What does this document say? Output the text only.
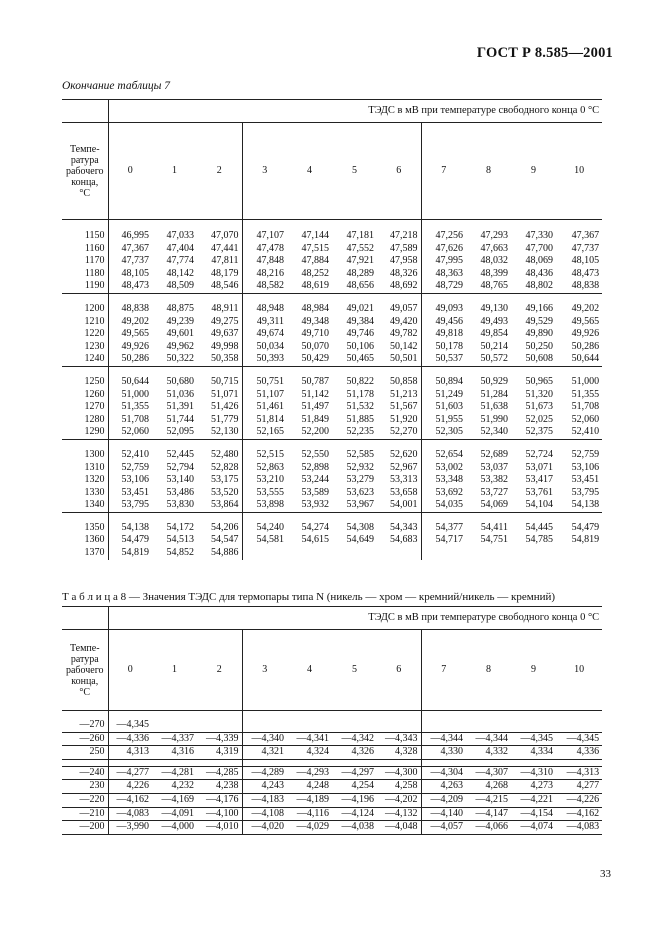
ГОСТ Р 8.585—2001
Окончание таблицы 7
	ТЭДС в мВ при температуре свободного конца 0 °С										

Темпе-
ратура
рабочего
конца,
°С	0	1	2	3	4	5	6	7	8	9	10

1150	46,995	47,033	47,070	47,107	47,144	47,181	47,218	47,256	47,293	47,330	47,367
1160	47,367	47,404	47,441	47,478	47,515	47,552	47,589	47,626	47,663	47,700	47,737
1170	47,737	47,774	47,811	47,848	47,884	47,921	47,958	47,995	48,032	48,069	48,105
1180	48,105	48,142	48,179	48,216	48,252	48,289	48,326	48,363	48,399	48,436	48,473
1190	48,473	48,509	48,546	48,582	48,619	48,656	48,692	48,729	48,765	48,802	48,838

1200	48,838	48,875	48,911	48,948	48,984	49,021	49,057	49,093	49,130	49,166	49,202
1210	49,202	49,239	49,275	49,311	49,348	49,384	49,420	49,456	49,493	49,529	49,565
1220	49,565	49,601	49,637	49,674	49,710	49,746	49,782	49,818	49,854	49,890	49,926
1230	49,926	49,962	49,998	50,034	50,070	50,106	50,142	50,178	50,214	50,250	50,286
1240	50,286	50,322	50,358	50,393	50,429	50,465	50,501	50,537	50,572	50,608	50,644

1250	50,644	50,680	50,715	50,751	50,787	50,822	50,858	50,894	50,929	50,965	51,000
1260	51,000	51,036	51,071	51,107	51,142	51,178	51,213	51,249	51,284	51,320	51,355
1270	51,355	51,391	51,426	51,461	51,497	51,532	51,567	51,603	51,638	51,673	51,708
1280	51,708	51,744	51,779	51,814	51,849	51,885	51,920	51,955	51,990	52,025	52,060
1290	52,060	52,095	52,130	52,165	52,200	52,235	52,270	52,305	52,340	52,375	52,410

1300	52,410	52,445	52,480	52,515	52,550	52,585	52,620	52,654	52,689	52,724	52,759
1310	52,759	52,794	52,828	52,863	52,898	52,932	52,967	53,002	53,037	53,071	53,106
1320	53,106	53,140	53,175	53,210	53,244	53,279	53,313	53,348	53,382	53,417	53,451
1330	53,451	53,486	53,520	53,555	53,589	53,623	53,658	53,692	53,727	53,761	53,795
1340	53,795	53,830	53,864	53,898	53,932	53,967	54,001	54,035	54,069	54,104	54,138

1350	54,138	54,172	54,206	54,240	54,274	54,308	54,343	54,377	54,411	54,445	54,479
1360	54,479	54,513	54,547	54,581	54,615	54,649	54,683	54,717	54,751	54,785	54,819
1370	54,819	54,852	54,886								
Т а б л и ц а 8 — Значения ТЭДС для термопары типа N (никель — хром — кремний/никель — кремний)
	ТЭДС в мВ при температуре свободного конца 0 °С										

Темпе-
ратура
рабочего
конца,
°С	0	1	2	3	4	5	6	7	8	9	10

—270	—4,345										
—260	—4,336	—4,337	—4,339	—4,340	—4,341	—4,342	—4,343	—4,344	—4,344	—4,345	—4,345
250	4,313	4,316	4,319	4,321	4,324	4,326	4,328	4,330	4,332	4,334	4,336

—240	—4,277	—4,281	—4,285	—4,289	—4,293	—4,297	—4,300	—4,304	—4,307	—4,310	—4,313
230	4,226	4,232	4,238	4,243	4,248	4,254	4,258	4,263	4,268	4,273	4,277
—220	—4,162	—4,169	—4,176	—4,183	—4,189	—4,196	—4,202	—4,209	—4,215	—4,221	—4,226
—210	—4,083	—4,091	—4,100	—4,108	—4,116	—4,124	—4,132	—4,140	—4,147	—4,154	—4,162
—200	—3,990	—4,000	—4,010	—4,020	—4,029	—4,038	—4,048	—4,057	—4,066	—4,074	—4,083
33
